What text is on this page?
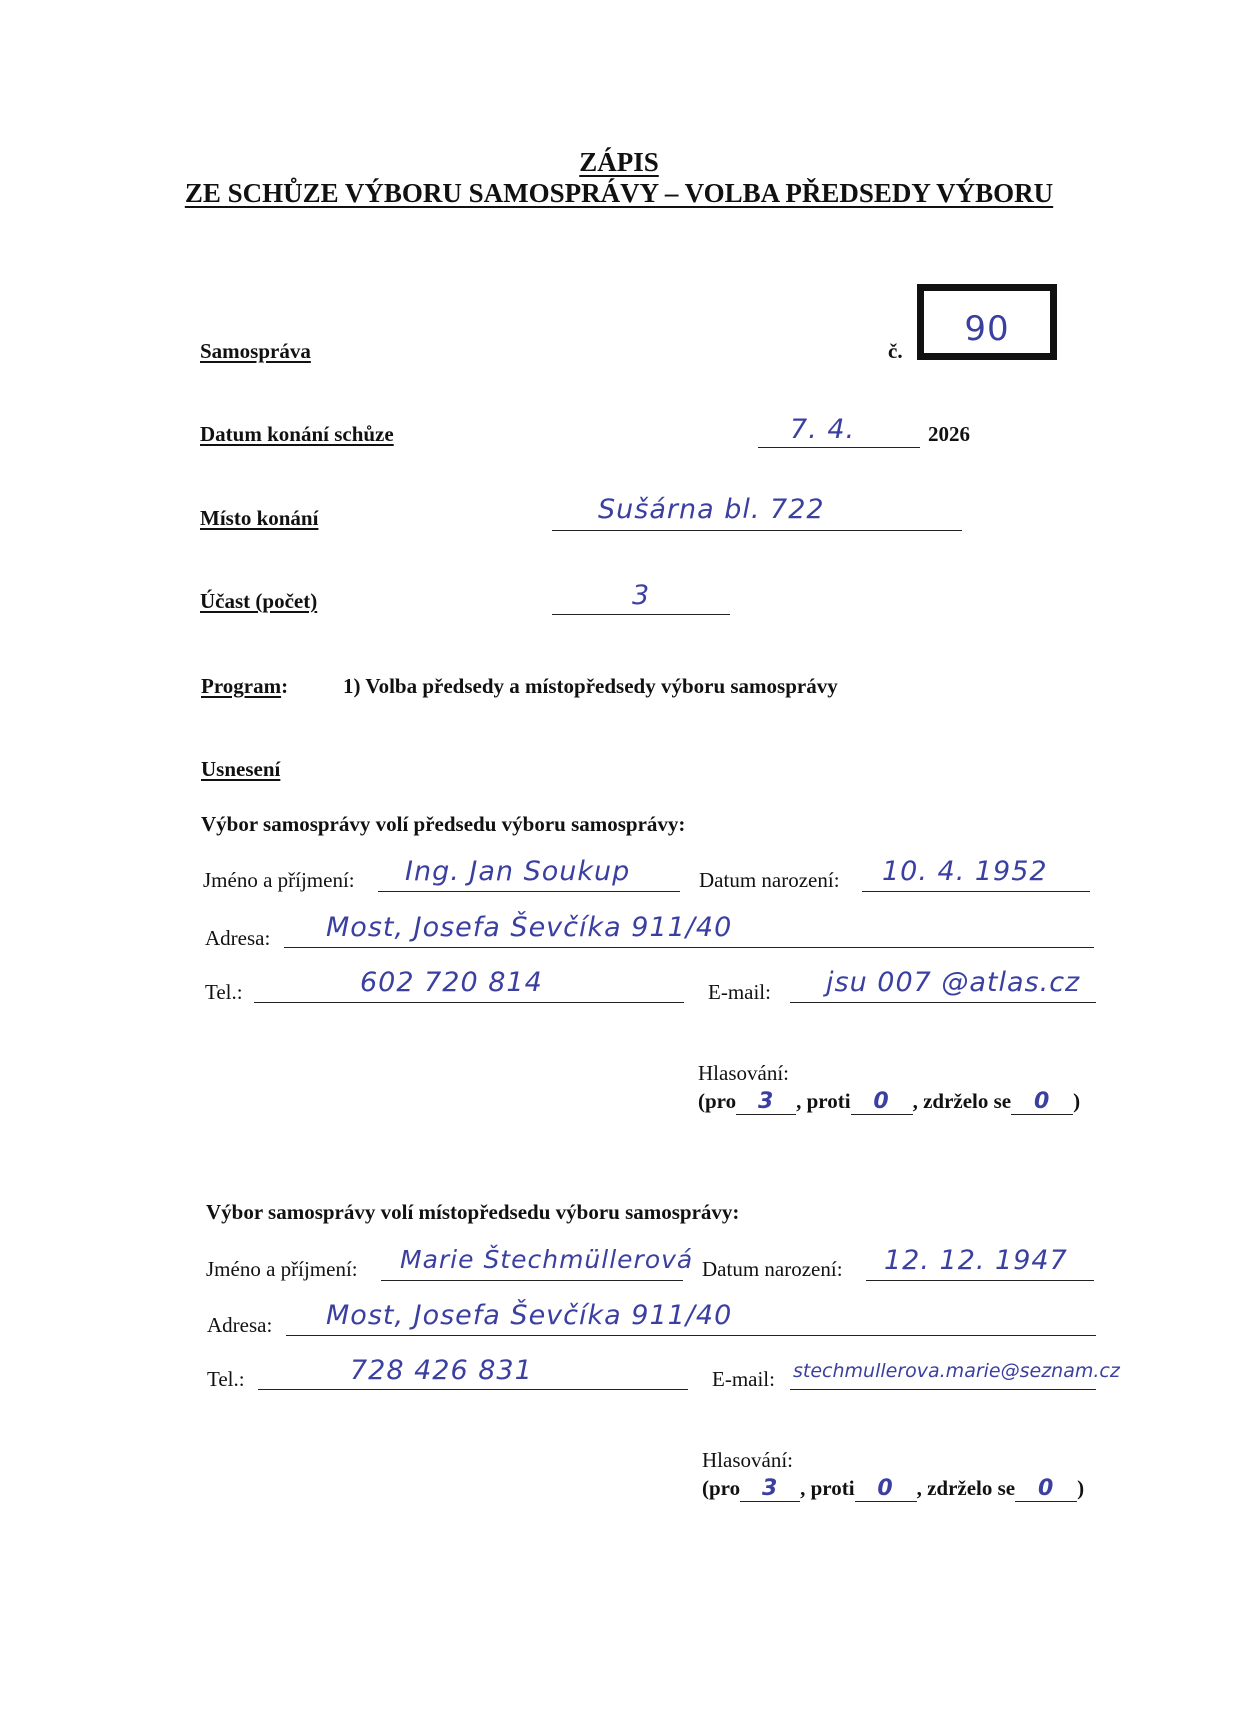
ZÁPIS
ZE SCHŮZE VÝBORU SAMOSPRÁVY – VOLBA PŘEDSEDY VÝBORU
Samospráva	č.
90
Datum konání schůze	7. 4.	2026
Místo konání	Sušárna bl. 722
Účast (počet)	3
Program:	1) Volba předsedy a místopředsedy výboru samosprávy
Usnesení
Výbor samosprávy volí předsedu výboru samosprávy:
Jméno a příjmení: Ing. Jan Soukup	Datum narození: 10. 4. 1952
Adresa: Most, Josefa Ševčíka 911/40
Tel.:	602 720 814	E-mail: jsu 007 @atlas.cz
Hlasování:
(pro 3 , proti 0 , zdrželo se 0 )
Výbor samosprávy volí místopředsedu výboru samosprávy:
Jméno a příjmení: Marie Štechmüllerová Datum narození: 12. 12. 1947
Adresa: Most, Josefa Ševčíka 911/40
Tel.:	728 426 831	E-mail: stechmullerova.marie@seznam.cz
Hlasování:
(pro 3 , proti 0 , zdrželo se 0 )
